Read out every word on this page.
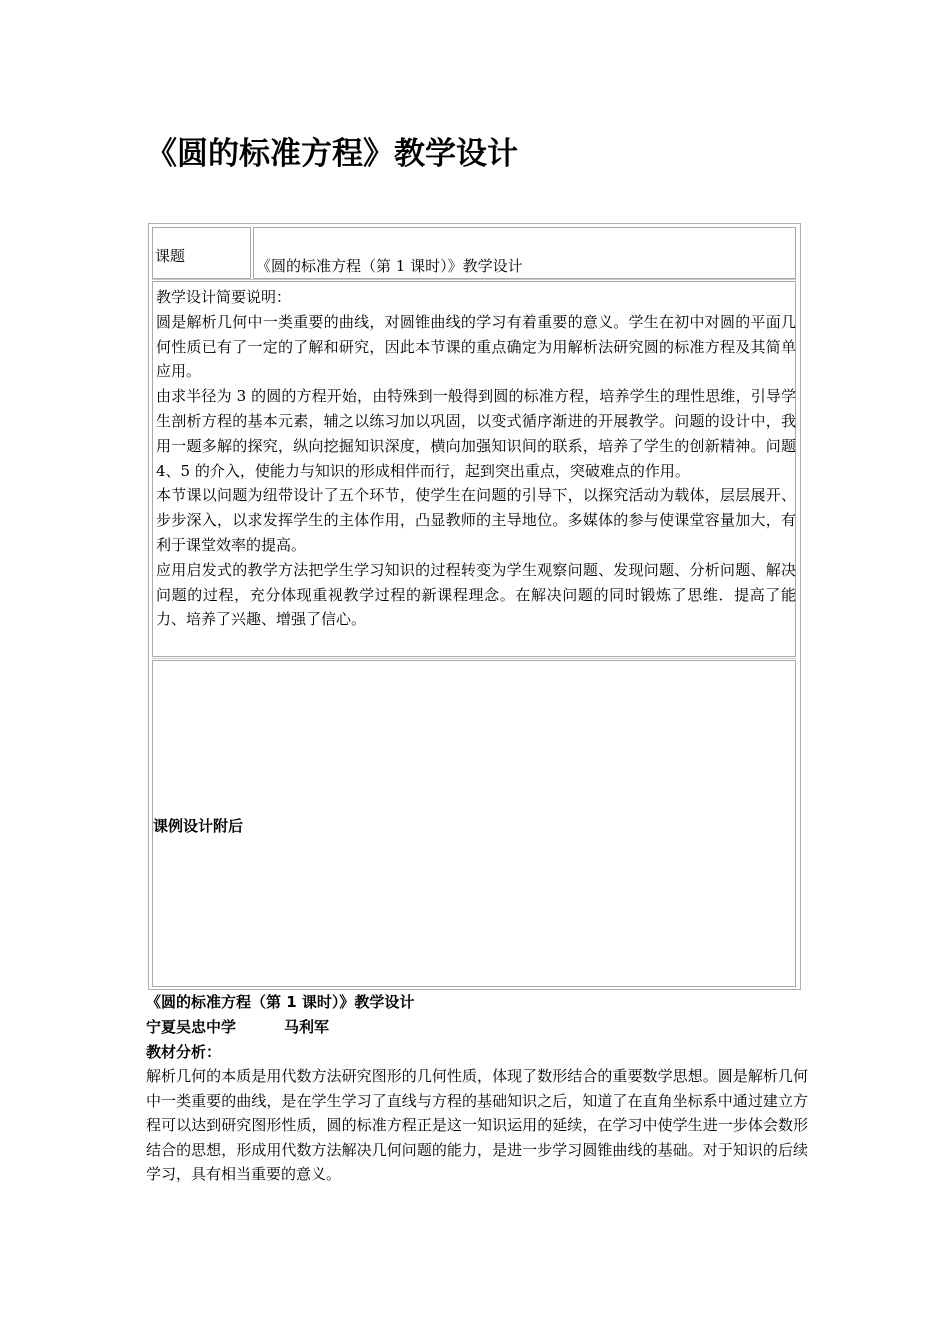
《圆的标准方程》教学设计
课题
《圆的标准方程（第 1 课时）》教学设计

教学设计简要说明：

圆是解析几何中一类重要的曲线，对圆锥曲线的学习有着重要的意义。学生在初中对圆的平面几何性质已有了一定的了解和研究，因此本节课的重点确定为用解析法研究圆的标准方程及其简单应用。

由求半径为 3 的圆的方程开始，由特殊到一般得到圆的标准方程，培养学生的理性思维，引导学生剖析方程的基本元素，辅之以练习加以巩固，以变式循序渐进的开展教学。问题的设计中，我用一题多解的探究，纵向挖掘知识深度，横向加强知识间的联系，培养了学生的创新精神。问题 4、5 的介入，使能力与知识的形成相伴而行，起到突出重点，突破难点的作用。

本节课以问题为纽带设计了五个环节，使学生在问题的引导下，以探究活动为载体，层层展开、步步深入，以求发挥学生的主体作用，凸显教师的主导地位。多媒体的参与使课堂容量加大，有利于课堂效率的提高。

应用启发式的教学方法把学生学习知识的过程转变为学生观察问题、发现问题、分析问题、解决问题的过程，充分体现重视教学过程的新课程理念。在解决问题的同时锻炼了思维．提高了能力、培养了兴趣、增强了信心。

课例设计附后
《圆的标准方程（第 1 课时）》教学设计
宁夏吴忠中学	马利军
教材分析：

解析几何的本质是用代数方法研究图形的几何性质，体现了数形结合的重要数学思想。圆是解析几何中一类重要的曲线，是在学生学习了直线与方程的基础知识之后，知道了在直角坐标系中通过建立方程可以达到研究图形性质，圆的标准方程正是这一知识运用的延续，在学习中使学生进一步体会数形结合的思想，形成用代数方法解决几何问题的能力，是进一步学习圆锥曲线的基础。对于知识的后续学习，具有相当重要的意义。
